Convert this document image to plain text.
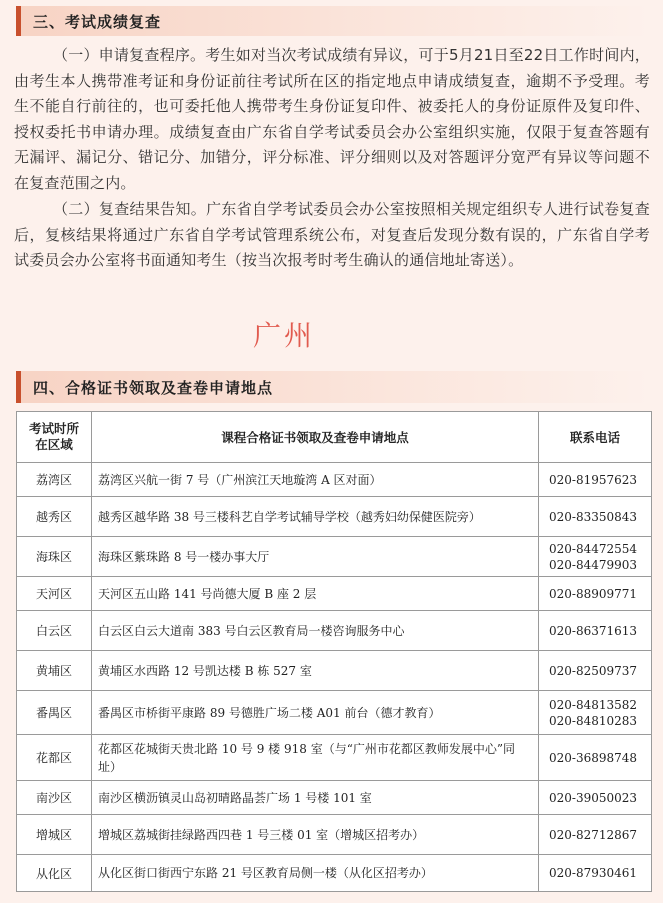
三、考试成绩复查

（一）申请复查程序。考生如对当次考试成绩有异议，可于5月21日至22日工作时间内，由考生本人携带准考证和身份证前往考试所在区的指定地点申请成绩复查，逾期不予受理。考生不能自行前往的，也可委托他人携带考生身份证复印件、被委托人的身份证原件及复印件、授权委托书申请办理。成绩复查由广东省自学考试委员会办公室组织实施，仅限于复查答题有无漏评、漏记分、错记分、加错分，评分标准、评分细则以及对答题评分宽严有异议等问题不在复查范围之内。

（二）复查结果告知。广东省自学考试委员会办公室按照相关规定组织专人进行试卷复查后，复核结果将通过广东省自学考试管理系统公布，对复查后发现分数有误的，广东省自学考试委员会办公室将书面通知考生（按当次报考时考生确认的通信地址寄送）。

广州
四、合格证书领取及查卷申请地点
考试时所在区域	课程合格证书领取及查卷申请地点	联系电话
荔湾区	荔湾区兴航一街 7 号（广州滨江天地璇湾 A 区对面）	020-81957623
越秀区	越秀区越华路 38 号三楼科艺自学考试辅导学校（越秀妇幼保健医院旁）	020-83350843
海珠区	海珠区紫珠路 8 号一楼办事大厅	020-84472554
020-84479903
天河区	天河区五山路 141 号尚德大厦 B 座 2 层	020-88909771
白云区	白云区白云大道南 383 号白云区教育局一楼咨询服务中心	020-86371613
黄埔区	黄埔区水西路 12 号凯达楼 B 栋 527 室	020-82509737
番禺区	番禺区市桥街平康路 89 号德胜广场二楼 A01 前台（德才教育）	020-84813582
020-84810283
花都区	花都区花城街天贵北路 10 号 9 楼 918 室（与“广州市花都区教师发展中心”同址）	020-36898748
南沙区	南沙区横沥镇灵山岛初晴路晶荟广场 1 号楼 101 室	020-39050023
增城区	增城区荔城街挂绿路西四巷 1 号三楼 01 室（增城区招考办）	020-82712867
从化区	从化区街口街西宁东路 21 号区教育局侧一楼（从化区招考办）	020-87930461
